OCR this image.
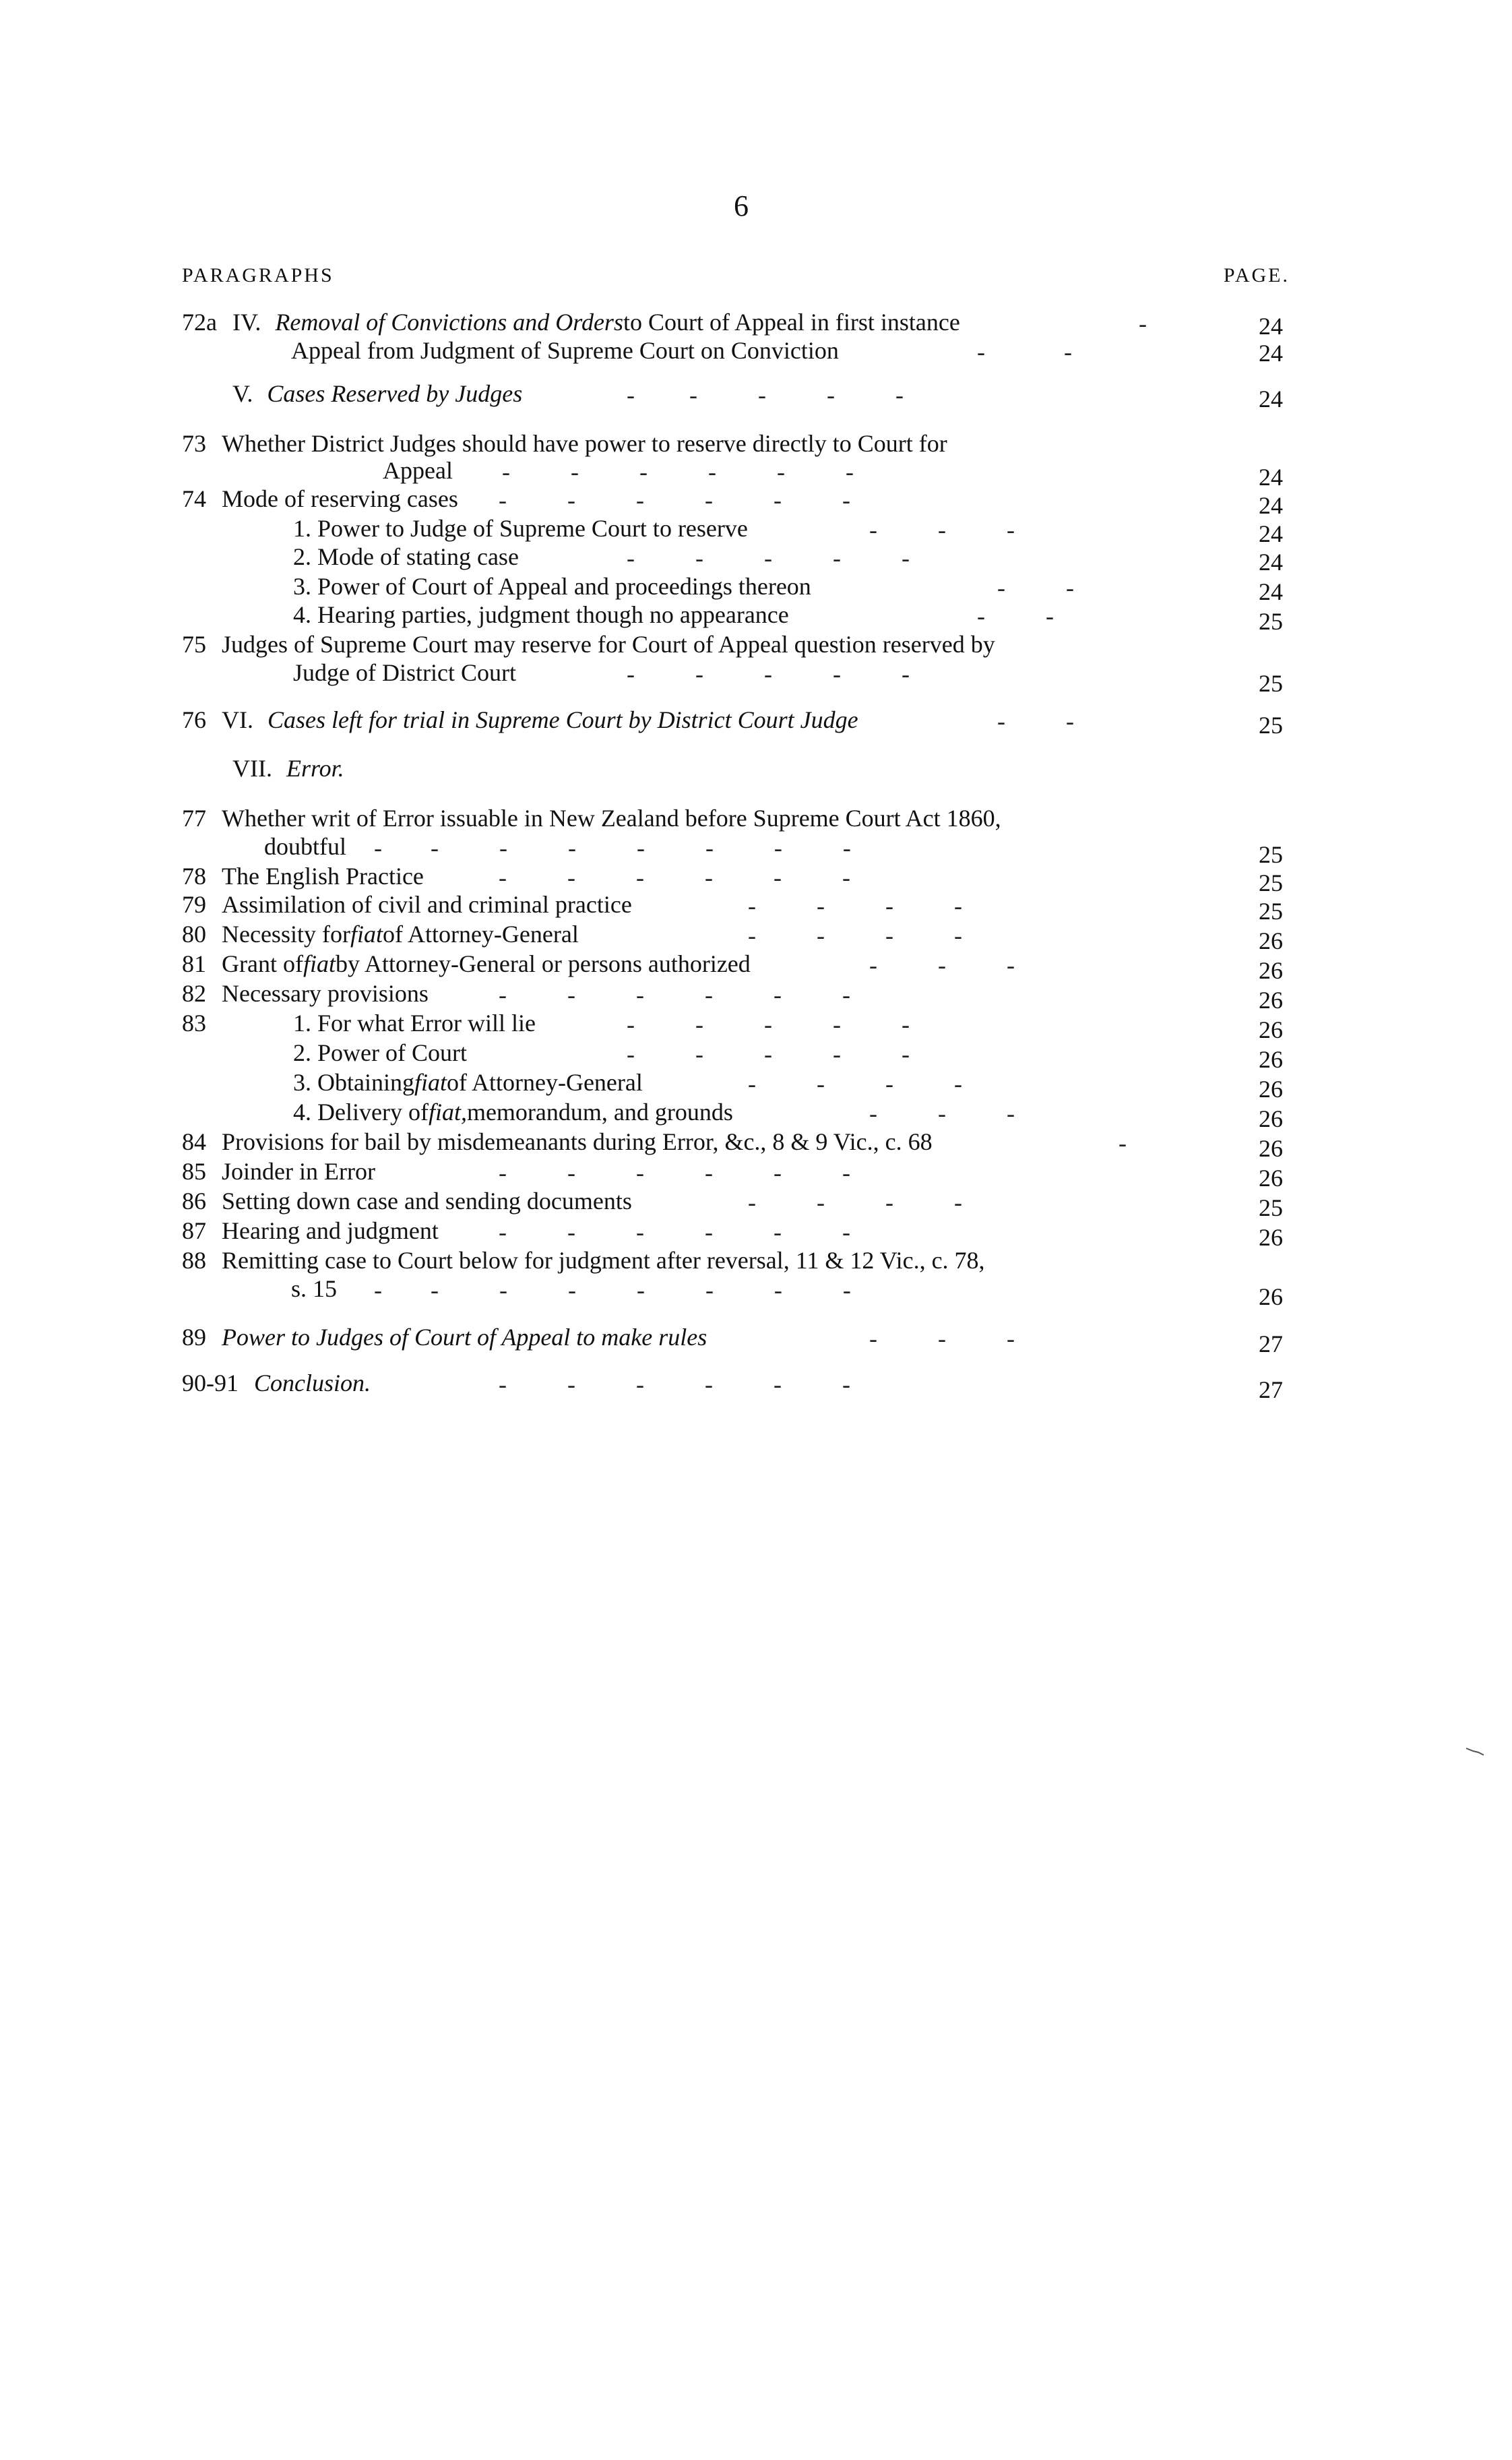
6
PARAGRAPHS	PAGE.
72a IV. Removal of Convictions and Ordersto Court of Appeal in first instance	-	24
Appeal from Judgment of Supreme Court on Conviction	-             -	24
V. Cases Reserved by Judges	-         -          -          -          -	24
73 Whether District Judges should have power to reserve directly to Court for
Appeal -          -          -          -          -          -	24
74 Mode of reserving cases -          -          -          -          -          -	24
1. Power to Judge of Supreme Court to reserve	-          -          -	24
2. Mode of stating case	-          -          -          -          -	24
3. Power of Court of Appeal and proceedings thereon	-          -	24
4. Hearing parties, judgment though no appearance	-          -	25
75 Judges of Supreme Court may reserve for Court of Appeal question reserved by
Judge of District Court	-          -          -          -          -	25
76 VI. Cases left for trial in Supreme Court by District Court Judge	-          -	25
VII. Error.
77 Whether writ of Error issuable in New Zealand before Supreme Court Act 1860,
doubtful -        -          -          -          -          -          -          -	25
78 The English Practice	-          -          -          -          -          -	25
79 Assimilation of civil and criminal practice	-          -          -          -	25
80 Necessity forfiatof Attorney-General	-          -          -          -	26
81 Grant offiatby Attorney-General or persons authorized	-          -          -	26
82 Necessary provisions	-          -          -          -          -          -	26
83	1. For what Error will lie	-          -          -          -          -	26
2. Power of Court	-          -          -          -          -	26
3. Obtainingfiatof Attorney-General	-          -          -          -	26
4. Delivery offiat,memorandum, and grounds	-          -          -	26
84 Provisions for bail by misdemeanants during Error, &c., 8 & 9 Vic., c. 68	-	26
85 Joinder in Error	-          -          -          -          -          -	26
86 Setting down case and sending documents	-          -          -          -	25
87 Hearing and judgment -          -          -          -          -          -	26
88 Remitting case to Court below for judgment after reversal, 11 & 12 Vic., c. 78,
s. 15 -        -          -          -          -          -          -          -	26
89 Power to Judges of Court of Appeal to make rules	-          -          -	27
90-91 Conclusion.	-          -          -          -          -          -	27
